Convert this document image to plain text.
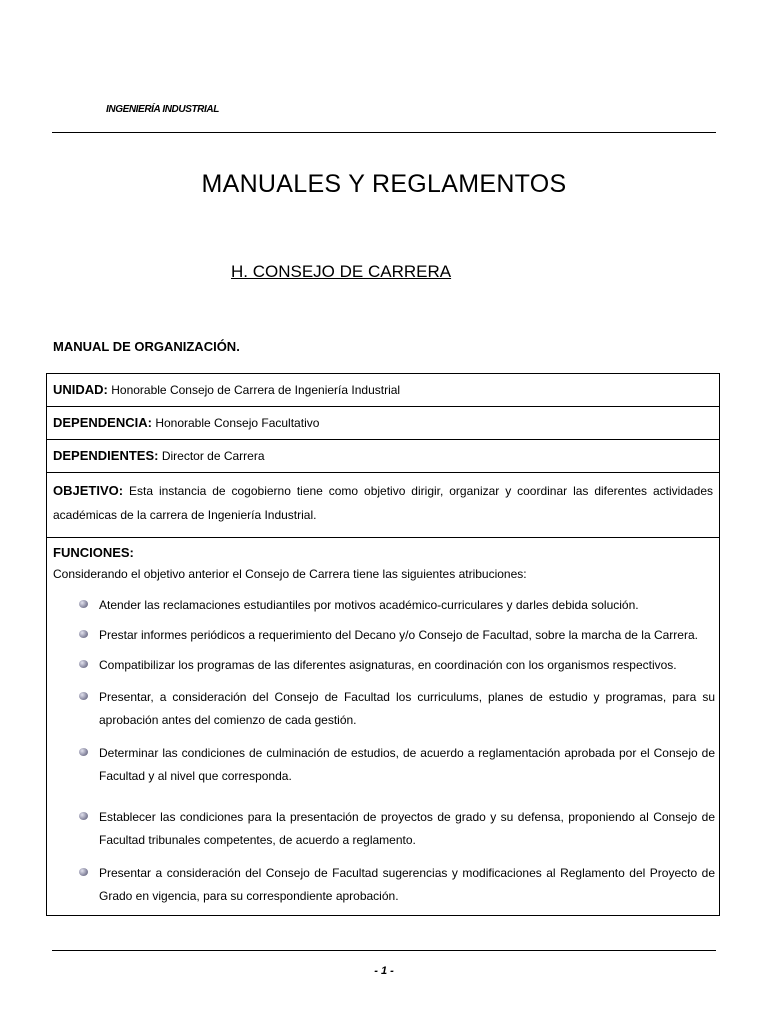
INGENIERÍA INDUSTRIAL
MANUALES Y REGLAMENTOS
H. CONSEJO DE CARRERA
MANUAL DE ORGANIZACIÓN.
UNIDAD: Honorable Consejo de Carrera de Ingeniería Industrial
DEPENDENCIA: Honorable Consejo Facultativo
DEPENDIENTES: Director de Carrera
OBJETIVO: Esta instancia de cogobierno tiene como objetivo dirigir, organizar y coordinar las diferentes actividades académicas de la carrera de Ingeniería Industrial.
FUNCIONES:
Considerando el objetivo anterior el Consejo de Carrera tiene las siguientes atribuciones:
Atender las reclamaciones estudiantiles por motivos académico-curriculares y darles debida solución.
Prestar informes periódicos a requerimiento del Decano y/o Consejo de Facultad, sobre la marcha de la Carrera.
Compatibilizar los programas de las diferentes asignaturas, en coordinación con los organismos respectivos.
Presentar, a consideración del Consejo de Facultad los curriculums, planes de estudio y programas, para su aprobación antes del comienzo de cada gestión.
Determinar las condiciones de culminación de estudios, de acuerdo a reglamentación aprobada por el Consejo de Facultad y al nivel que corresponda.
Establecer las condiciones para la presentación de proyectos de grado y su defensa, proponiendo al Consejo de Facultad tribunales competentes, de acuerdo a reglamento.
Presentar a consideración del Consejo de Facultad sugerencias y modificaciones al Reglamento del Proyecto de Grado en vigencia, para su correspondiente aprobación.
- 1 -
